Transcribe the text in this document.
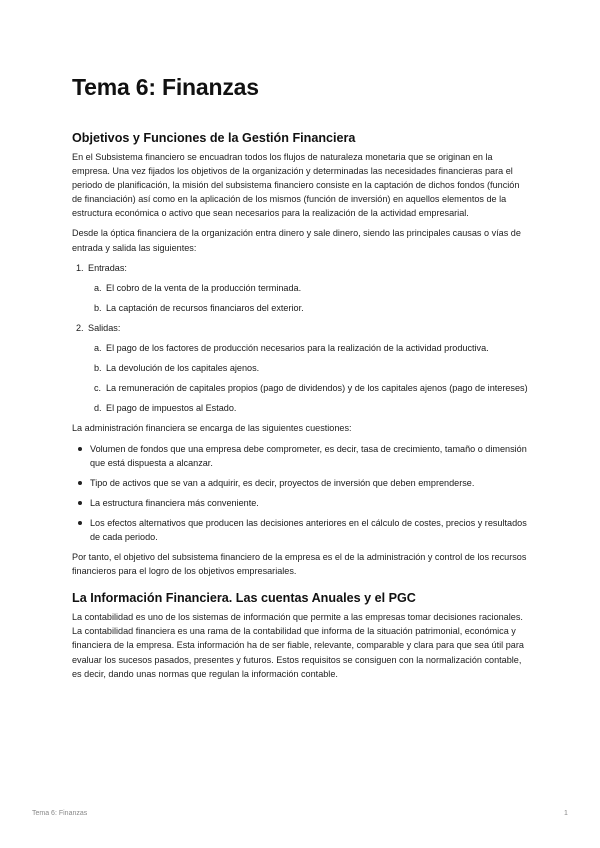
Tema 6: Finanzas
Objetivos y Funciones de la Gestión Financiera

En el Subsistema financiero se encuadran todos los flujos de naturaleza monetaria que se originan en la empresa. Una vez fijados los objetivos de la organización y determinadas las necesidades financieras para el periodo de planificación, la misión del subsistema financiero consiste en la captación de dichos fondos (función de financiación) así como en la aplicación de los mismos (función de inversión) en aquellos elementos de la estructura económica o activo que sean necesarios para la realización de la actividad empresarial.

Desde la óptica financiera de la organización entra dinero y sale dinero, siendo las principales causas o vías de entrada y salida las siguientes:

1. Entradas:
a. El cobro de la venta de la producción terminada.
b. La captación de recursos financiaros del exterior.
2. Salidas:
a. El pago de los factores de producción necesarios para la realización de la actividad productiva.
b. La devolución de los capitales ajenos.
c. La remuneración de capitales propios (pago de dividendos) y de los capitales ajenos (pago de intereses)
d. El pago de impuestos al Estado.

La administración financiera se encarga de las siguientes cuestiones:

Volumen de fondos que una empresa debe comprometer, es decir, tasa de crecimiento, tamaño o dimensión que está dispuesta a alcanzar.
Tipo de activos que se van a adquirir, es decir, proyectos de inversión que deben emprenderse.
La estructura financiera más conveniente.
Los efectos alternativos que producen las decisiones anteriores en el cálculo de costes, precios y resultados de cada periodo.

Por tanto, el objetivo del subsistema financiero de la empresa es el de la administración y control de los recursos financieros para el logro de los objetivos empresariales.

La Información Financiera. Las cuentas Anuales y el PGC

La contabilidad es uno de los sistemas de información que permite a las empresas tomar decisiones racionales. La contabilidad financiera es una rama de la contabilidad que informa de la situación patrimonial, económica y financiera de la empresa. Esta información ha de ser fiable, relevante, comparable y clara para que sea útil para evaluar los sucesos pasados, presentes y futuros. Estos requisitos se consiguen con la normalización contable, es decir, dando unas normas que regulan la información contable.

Tema 6: Finanzas	1
